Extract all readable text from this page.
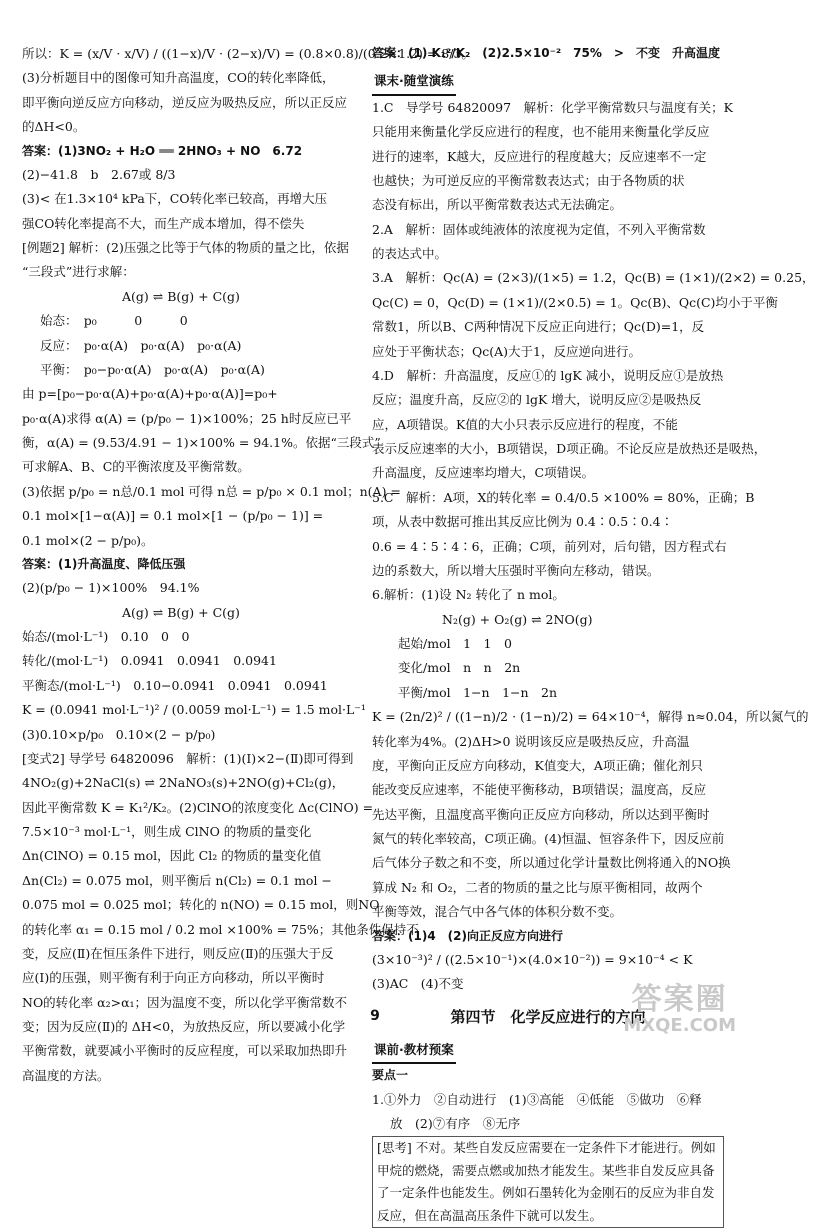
所以：K = (x/V · x/V) / ((1−x)/V · (2−x)/V) = (0.8×0.8)/(0.2×1.2) = 8/3。
(3)分析题目中的图像可知升高温度，CO的转化率降低，
即平衡向逆反应方向移动，逆反应为吸热反应，所以正反应
的ΔH<0。
答案：(1)3NO₂ + H₂O ══ 2HNO₃ + NO　6.72
(2)−41.8　b　2.67或 8/3
(3)< 在1.3×10⁴ kPa下，CO转化率已较高，再增大压
强CO转化率提高不大，而生产成本增加，得不偿失
[例题2] 解析：(2)压强之比等于气体的物质的量之比，依据
“三段式”进行求解：
A(g) ⇌ B(g) + C(g)
始态：　p₀　　　0　　　0
反应：　p₀·α(A)　p₀·α(A)　p₀·α(A)
平衡：　p₀−p₀·α(A)　p₀·α(A)　p₀·α(A)
由 p=[p₀−p₀·α(A)+p₀·α(A)+p₀·α(A)]=p₀+
p₀·α(A)求得 α(A) = (p/p₀ − 1)×100%；25 h时反应已平
衡，α(A) = (9.53/4.91 − 1)×100% = 94.1%。依据“三段式”
可求解A、B、C的平衡浓度及平衡常数。
(3)依据 p/p₀ = n总/0.1 mol 可得 n总 = p/p₀ × 0.1 mol；n(A) =
0.1 mol×[1−α(A)] = 0.1 mol×[1 − (p/p₀ − 1)] =
0.1 mol×(2 − p/p₀)。
答案：(1)升高温度、降低压强
(2)(p/p₀ − 1)×100%　94.1%
A(g) ⇌ B(g) + C(g)
始态/(mol·L⁻¹)　0.10　0　0
转化/(mol·L⁻¹)　0.0941　0.0941　0.0941
平衡态/(mol·L⁻¹)　0.10−0.0941　0.0941　0.0941
K = (0.0941 mol·L⁻¹)² / (0.0059 mol·L⁻¹) = 1.5 mol·L⁻¹
(3)0.10×p/p₀　0.10×(2 − p/p₀)
[变式2] 导学号 64820096　解析：(1)(Ⅰ)×2−(Ⅱ)即可得到
4NO₂(g)+2NaCl(s) ⇌ 2NaNO₃(s)+2NO(g)+Cl₂(g)，
因此平衡常数 K = K₁²/K₂。(2)ClNO的浓度变化 Δc(ClNO) =
7.5×10⁻³ mol·L⁻¹，则生成 ClNO 的物质的量变化
Δn(ClNO) = 0.15 mol，因此 Cl₂ 的物质的量变化值
Δn(Cl₂) = 0.075 mol，则平衡后 n(Cl₂) = 0.1 mol −
0.075 mol = 0.025 mol；转化的 n(NO) = 0.15 mol，则NO
的转化率 α₁ = 0.15 mol / 0.2 mol ×100% = 75%；其他条件保持不
变，反应(Ⅱ)在恒压条件下进行，则反应(Ⅱ)的压强大于反
应(Ⅰ)的压强，则平衡有利于向正方向移动，所以平衡时
NO的转化率 α₂>α₁；因为温度不变，所以化学平衡常数不
变；因为反应(Ⅱ)的 ΔH<0，为放热反应，所以要减小化学
平衡常数，就要减小平衡时的反应程度，可以采取加热即升
高温度的方法。
答案：(1) K₁²/K₂　(2)2.5×10⁻²　75%　>　不变　升高温度
课末·随堂演练
1.C　导学号 64820097　解析：化学平衡常数只与温度有关；K
只能用来衡量化学反应进行的程度，也不能用来衡量化学反应
进行的速率，K越大，反应进行的程度越大；反应速率不一定
也越快；为可逆反应的平衡常数表达式；由于各物质的状
态没有标出，所以平衡常数表达式无法确定。
2.A　解析：固体或纯液体的浓度视为定值，不列入平衡常数
的表达式中。
3.A　解析：Qc(A) = (2×3)/(1×5) = 1.2，Qc(B) = (1×1)/(2×2) = 0.25，
Qc(C) = 0，Qc(D) = (1×1)/(2×0.5) = 1。Qc(B)、Qc(C)均小于平衡
常数1，所以B、C两种情况下反应正向进行；Qc(D)=1，反
应处于平衡状态；Qc(A)大于1，反应逆向进行。
4.D　解析：升高温度，反应①的 lgK 减小，说明反应①是放热
反应；温度升高，反应②的 lgK 增大，说明反应②是吸热反
应，A项错误。K值的大小只表示反应进行的程度，不能
表示反应速率的大小，B项错误，D项正确。不论反应是放热还是吸热，
升高温度，反应速率均增大，C项错误。
5.C　解析：A项，X的转化率 = 0.4/0.5 ×100% = 80%，正确；B
项，从表中数据可推出其反应比例为 0.4∶0.5∶0.4∶
0.6 = 4∶5∶4∶6，正确；C项，前列对，后句错，因方程式右
边的系数大，所以增大压强时平衡向左移动，错误。
6.解析：(1)设 N₂ 转化了 n mol。
N₂(g) + O₂(g) ⇌ 2NO(g)
起始/mol　1　1　0
变化/mol　n　n　2n
平衡/mol　1−n　1−n　2n
K = (2n/2)² / ((1−n)/2 · (1−n)/2) = 64×10⁻⁴，解得 n≈0.04，所以氮气的
转化率为4%。(2)ΔH>0 说明该反应是吸热反应，升高温
度，平衡向正反应方向移动，K值变大，A项正确；催化剂只
能改变反应速率，不能使平衡移动，B项错误；温度高，反应
先达平衡，且温度高平衡向正反应方向移动，所以达到平衡时
氮气的转化率较高，C项正确。(4)恒温、恒容条件下，因反应前
后气体分子数之和不变，所以通过化学计量数比例将通入的NO换
算成 N₂ 和 O₂，二者的物质的量之比与原平衡相同，故两个
平衡等效，混合气中各气体的体积分数不变。
答案：(1)4　(2)向正反应方向进行
(3×10⁻³)² / ((2.5×10⁻¹)×(4.0×10⁻²)) = 9×10⁻⁴ < K
(3)AC　(4)不变
第四节　化学反应进行的方向
课前·教材预案
要点一
1.①外力　②自动进行　(1)③高能　④低能　⑤做功　⑥释
放　(2)⑦有序　⑧无序
[思考] 不对。某些自发反应需要在一定条件下才能进行。例如甲烷的燃烧，需要点燃或加热才能发生。某些非自发反应具备了一定条件也能发生。例如石墨转化为金刚石的反应为非自发反应，但在高温高压条件下就可以发生。
9	答案圈
MXQE.COM
